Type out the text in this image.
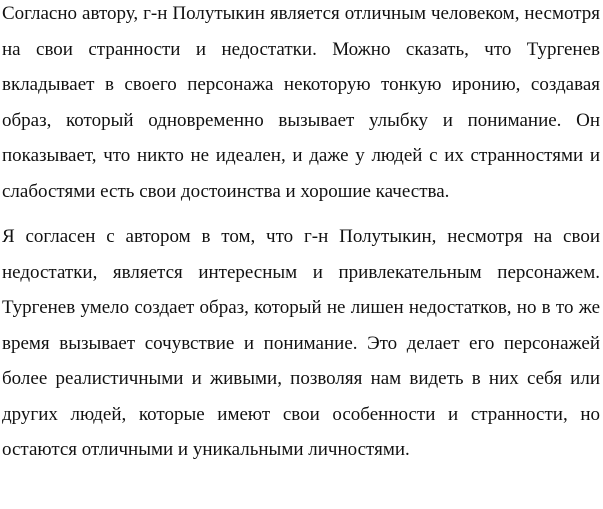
Согласно автору, г-н Полутыкин является отличным человеком, несмотря на свои странности и недостатки. Можно сказать, что Тургенев вкладывает в своего персонажа некоторую тонкую иронию, создавая образ, который одновременно вызывает улыбку и понимание. Он показывает, что никто не идеален, и даже у людей с их странностями и слабостями есть свои достоинства и хорошие качества.

Я согласен с автором в том, что г-н Полутыкин, несмотря на свои недостатки, является интересным и привлекательным персонажем. Тургенев умело создает образ, который не лишен недостатков, но в то же время вызывает сочувствие и понимание. Это делает его персонажей более реалистичными и живыми, позволяя нам видеть в них себя или других людей, которые имеют свои особенности и странности, но остаются отличными и уникальными личностями.
